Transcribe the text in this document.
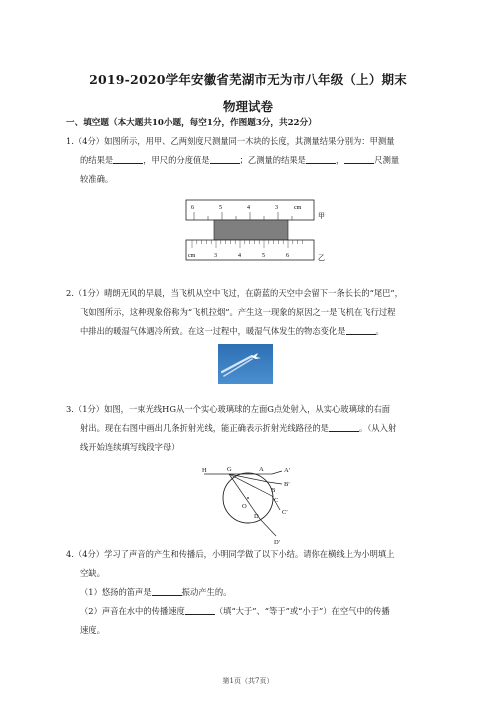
2019-2020学年安徽省芜湖市无为市八年级（上）期末
物理试卷
一、填空题（本大题共10小题，每空1分，作图题3分，共22分）
1.（4分）如图所示，用甲、乙两刻度尺测量同一木块的长度，其测量结果分别为：甲测量

的结果是	，甲尺的分度值是	；乙测量的结果是	，	尺测量
较准确。
6	5	4	3	cm
甲
cm	3	4	5	6	乙
2.（1分）晴朗无风的早晨，当飞机从空中飞过，在蔚蓝的天空中会留下一条长长的“尾巴”，

飞如图所示，这种现象俗称为“飞机拉烟”。产生这一现象的原因之一是飞机在飞行过程
中排出的暖湿气体遇冷所致。在这一过程中，暖湿气体发生的物态变化是	。
3.（1分）如图，一束光线HG从一个实心玻璃球的左面G点处射入，从实心玻璃球的右面

射出。现在右图中画出几条折射光线，能正确表示折射光线路径的是	。（从入射
线开始连续填写线段字母）
H	G	A	A′
B′
B
C
O
C′
D
D′
4.（4分）学习了声音的产生和传播后，小明同学做了以下小结。请你在横线上为小明填上

空缺。
（1）悠扬的笛声是	振动产生的。
（2）声音在水中的传播速度	（填“大于”、“等于”或“小于”）在空气中的传播
速度。
第1页（共7页）
